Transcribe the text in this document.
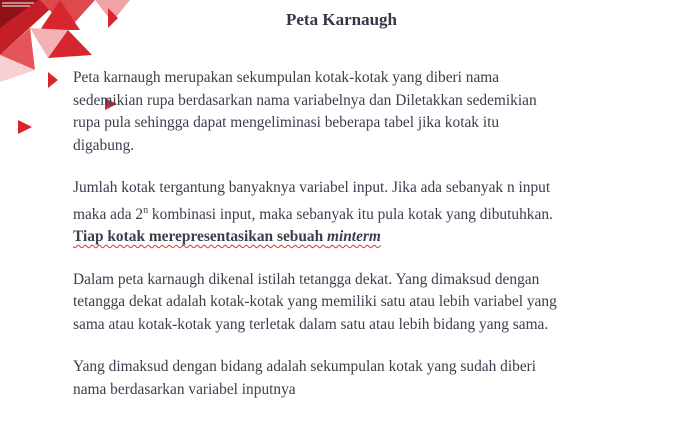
Peta Karnaugh

Peta karnaugh merupakan sekumpulan kotak-kotak yang diberi nama
sedemikian rupa berdasarkan nama variabelnya dan Diletakkan sedemikian
rupa pula sehingga dapat mengeliminasi beberapa tabel jika kotak itu
digabung.

Jumlah kotak tergantung banyaknya variabel input. Jika ada sebanyak n input
maka ada 2$^n$ kombinasi input, maka sebanyak itu pula kotak yang dibutuhkan.
Tiap kotak merepresentasikan sebuah minterm

Dalam peta karnaugh dikenal istilah tetangga dekat. Yang dimaksud dengan
tetangga dekat adalah kotak-kotak yang memiliki satu atau lebih variabel yang
sama atau kotak-kotak yang terletak dalam satu atau lebih bidang yang sama.

Yang dimaksud dengan bidang adalah sekumpulan kotak yang sudah diberi
nama berdasarkan variabel inputnya
